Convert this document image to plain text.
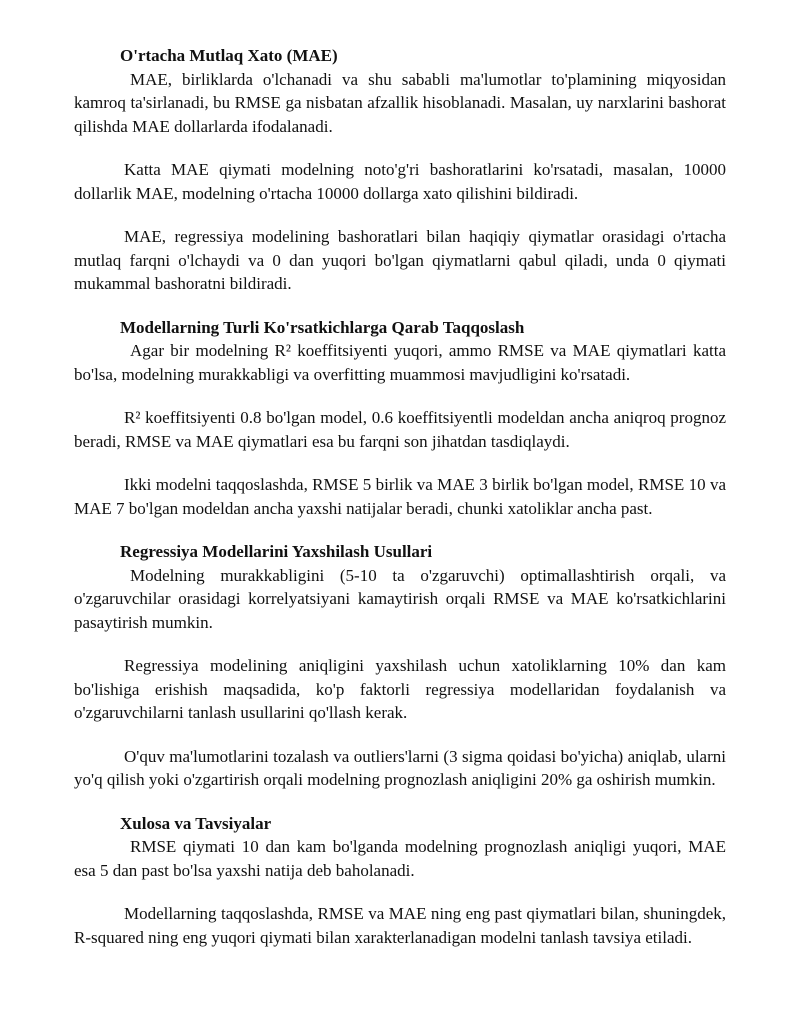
O'rtacha Mutlaq Xato (MAE)

MAE, birliklarda o'lchanadi va shu sababli ma'lumotlar to'plamining miqyosidan kamroq ta'sirlanadi, bu RMSE ga nisbatan afzallik hisoblanadi. Masalan, uy narxlarini bashorat qilishda MAE dollarlarda ifodalanadi.

Katta MAE qiymati modelning noto'g'ri bashoratlarini ko'rsatadi, masalan, 10000 dollarlik MAE, modelning o'rtacha 10000 dollarga xato qilishini bildiradi.

MAE, regressiya modelining bashoratlari bilan haqiqiy qiymatlar orasidagi o'rtacha mutlaq farqni o'lchaydi va 0 dan yuqori bo'lgan qiymatlarni qabul qiladi, unda 0 qiymati mukammal bashoratni bildiradi.

Modellarning Turli Ko'rsatkichlarga Qarab Taqqoslash

Agar bir modelning R² koeffitsiyenti yuqori, ammo RMSE va MAE qiymatlari katta bo'lsa, modelning murakkabligi va overfitting muammosi mavjudligini ko'rsatadi.

R² koeffitsiyenti 0.8 bo'lgan model, 0.6 koeffitsiyentli modeldan ancha aniqroq prognoz beradi, RMSE va MAE qiymatlari esa bu farqni son jihatdan tasdiqlaydi.

Ikki modelni taqqoslashda, RMSE 5 birlik va MAE 3 birlik bo'lgan model, RMSE 10 va MAE 7 bo'lgan modeldan ancha yaxshi natijalar beradi, chunki xatoliklar ancha past.

Regressiya Modellarini Yaxshilash Usullari

Modelning murakkabligini (5-10 ta o'zgaruvchi) optimallashtirish orqali, va o'zgaruvchilar orasidagi korrelyatsiyani kamaytirish orqali RMSE va MAE ko'rsatkichlarini pasaytirish mumkin.

Regressiya modelining aniqligini yaxshilash uchun xatoliklarning 10% dan kam bo'lishiga erishish maqsadida, ko'p faktorli regressiya modellaridan foydalanish va o'zgaruvchilarni tanlash usullarini qo'llash kerak.

O'quv ma'lumotlarini tozalash va outliers'larni (3 sigma qoidasi bo'yicha) aniqlab, ularni yo'q qilish yoki o'zgartirish orqali modelning prognozlash aniqligini 20% ga oshirish mumkin.

Xulosa va Tavsiyalar

RMSE qiymati 10 dan kam bo'lganda modelning prognozlash aniqligi yuqori, MAE esa 5 dan past bo'lsa yaxshi natija deb baholanadi.

Modellarning taqqoslashda, RMSE va MAE ning eng past qiymatlari bilan, shuningdek, R-squared ning eng yuqori qiymati bilan xarakterlanadigan modelni tanlash tavsiya etiladi.
